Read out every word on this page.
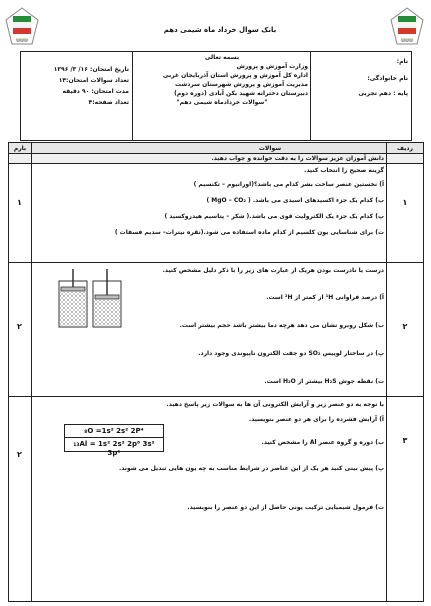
بانک سوال خرداد ماه شیمی دهم
WWW	WWW
نام:
نام خانوادگی:
پایه : دهم تجربی
بسمه تعالی
وزارت آموزش و پرورش
اداره کل آموزش و پرورش استان آذربایجان غربی
مدیریت آموزش و پرورش شهرستان سردشت
دبیرستان دخترانه شهید بکن آبادی (دوره دوم)
"سوالات خردادماه شیمی دهم"
تاریخ امتحان: ۱۶/ ۳/ ۱۳۹۶
تعداد سوالات امتحان:۱۴
مدت امتحان: ۹۰ دقیقه
تعداد صفحه:۴
ردیف
سوالات
بارم
دانش آموزان عزیز سوالات را به دقت خوانده و جواب دهید.
۱
۱
گزینه صحیح را انتخاب کنید.
آ) نخستین عنصر ساخت بشر کدام می باشد؟(اورانیوم – تکنسیم )
ب) کدام یک جزء اکسیدهای اسیدی می باشد. ( MgO – CO₂ )
پ) کدام یک جزء یک الکترولیت قوی می باشد.( شکر – پتاسیم هیدروکسید )
ت) برای شناسایی یون کلسیم از کدام ماده استفاده می شود.(نقره نیترات– سدیم فسفات )
۲
۲
درست یا نادرست بودن هریک از عبارت های زیر را با ذکر دلیل مشخص کنید.
آ) درصد فراوانی ¹H از کمتر از ²H است.
ب) شکل روبرو نشان می دهد هرچه دما بیشتر باشد حجم بیشتر است.
پ) در ساختار لوییس SO₂ دو جفت الکترون ناپیوندی وجود دارد.
ت) نقطه جوش H₂S بیشتر از H₂O است.
۳
۲
با توجه به دو عنصر زیر و آرایش الکترونی آن ها به سوالات زیر پاسخ دهید.
آ) آرایش فشرده را برای هر دو عنصر بنویسید.
ب) دوره و گروه عنصر Al را مشخص کنید.
پ) پیش بینی کنید هر یک از این عناصر در شرایط مناسب به چه یون هایی تبدیل می شوند.
ت) فرمول شیمیایی ترکیب یونی حاصل از این دو عنصر را بنویسید.
₈O =1s² 2s² 2P⁴
₁₃Al = 1s² 2s² 2p⁶ 3s² 3p¹
